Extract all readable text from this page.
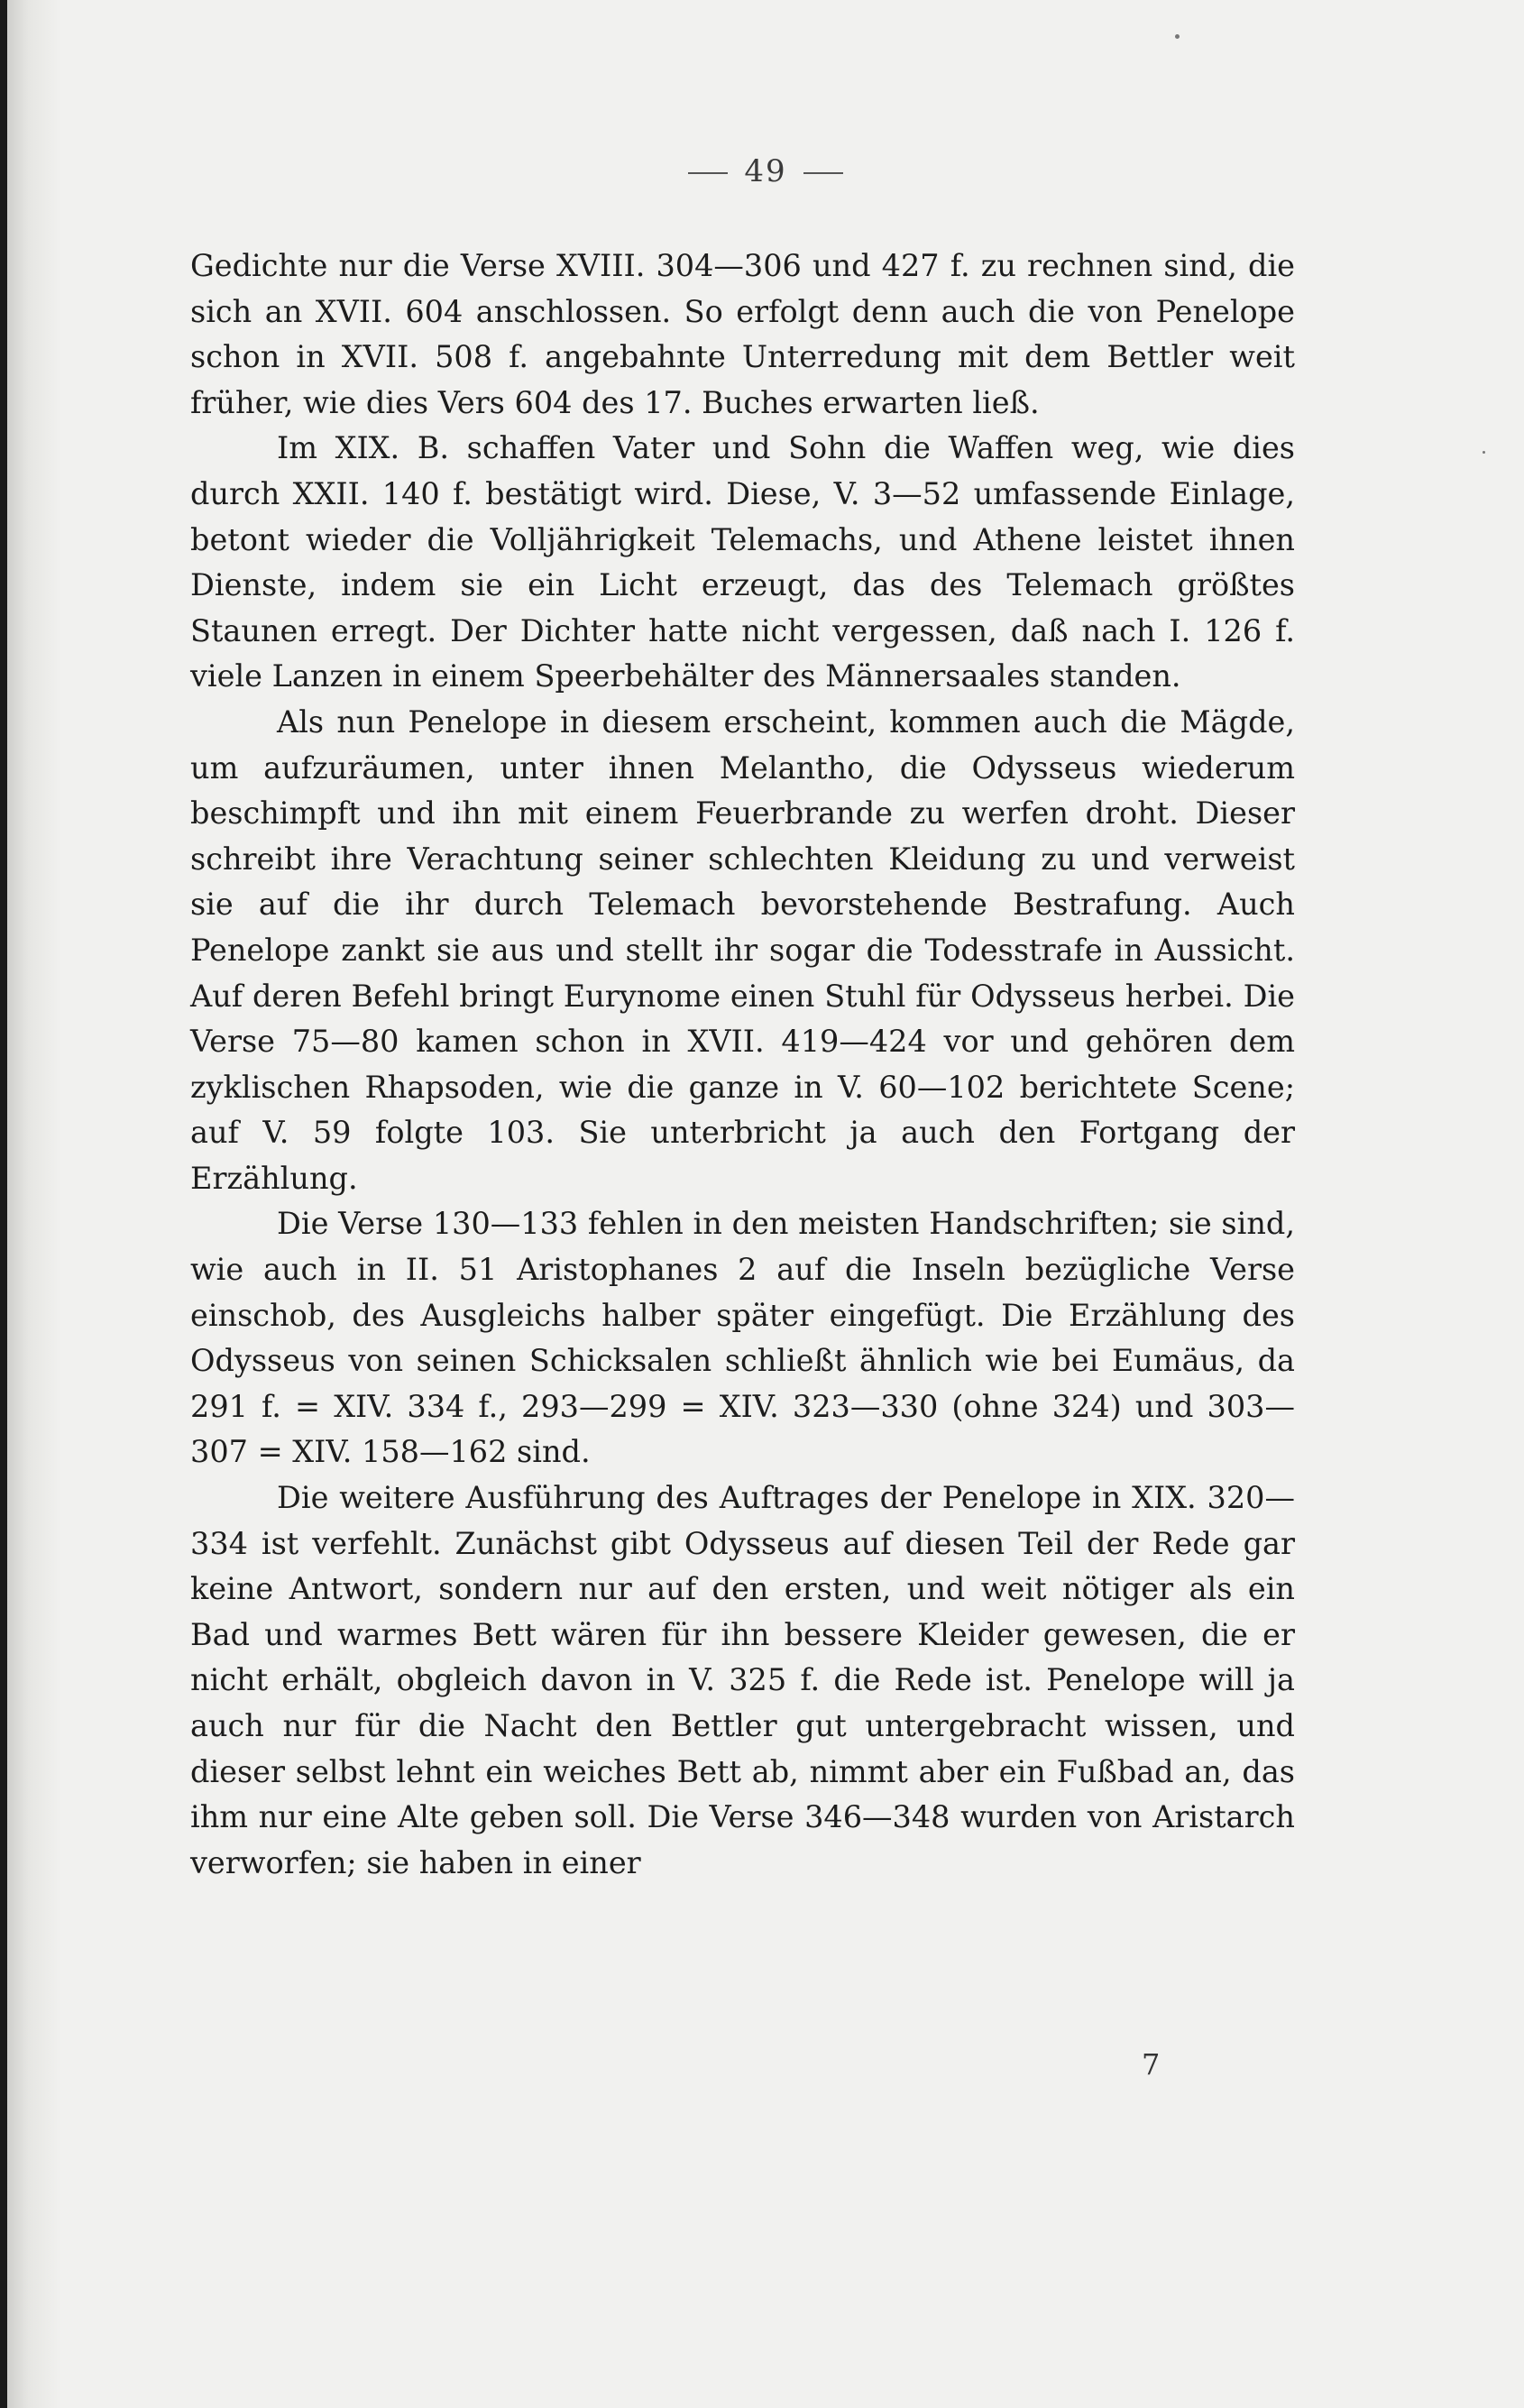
49

Gedichte nur die Verse XVIII. 304—306 und 427 f. zu rechnen sind, die sich an XVII. 604 anschlossen. So erfolgt denn auch die von Penelope schon in XVII. 508 f. angebahnte Unterredung mit dem Bettler weit früher, wie dies Vers 604 des 17. Buches erwarten ließ.

Im XIX. B. schaffen Vater und Sohn die Waffen weg, wie dies durch XXII. 140 f. bestätigt wird. Diese, V. 3—52 umfassende Einlage, betont wieder die Volljährigkeit Telemachs, und Athene leistet ihnen Dienste, indem sie ein Licht erzeugt, das des Telemach größtes Staunen erregt. Der Dichter hatte nicht vergessen, daß nach I. 126 f. viele Lanzen in einem Speerbehälter des Männersaales standen.

Als nun Penelope in diesem erscheint, kommen auch die Mägde, um aufzuräumen, unter ihnen Melantho, die Odysseus wiederum beschimpft und ihn mit einem Feuerbrande zu werfen droht. Dieser schreibt ihre Verachtung seiner schlechten Kleidung zu und verweist sie auf die ihr durch Telemach bevorstehende Bestrafung. Auch Penelope zankt sie aus und stellt ihr sogar die Todesstrafe in Aussicht. Auf deren Befehl bringt Eurynome einen Stuhl für Odysseus herbei. Die Verse 75—80 kamen schon in XVII. 419—424 vor und gehören dem zyklischen Rhapsoden, wie die ganze in V. 60—102 berichtete Scene; auf V. 59 folgte 103. Sie unterbricht ja auch den Fortgang der Erzählung.

Die Verse 130—133 fehlen in den meisten Handschriften; sie sind, wie auch in II. 51 Aristophanes 2 auf die Inseln bezügliche Verse einschob, des Ausgleichs halber später eingefügt. Die Erzählung des Odysseus von seinen Schicksalen schließt ähnlich wie bei Eumäus, da 291 f. = XIV. 334 f., 293—299 = XIV. 323—330 (ohne 324) und 303—307 = XIV. 158—162 sind.

Die weitere Ausführung des Auftrages der Penelope in XIX. 320—334 ist verfehlt. Zunächst gibt Odysseus auf diesen Teil der Rede gar keine Antwort, sondern nur auf den ersten, und weit nötiger als ein Bad und warmes Bett wären für ihn bessere Kleider gewesen, die er nicht erhält, obgleich davon in V. 325 f. die Rede ist. Penelope will ja auch nur für die Nacht den Bettler gut untergebracht wissen, und dieser selbst lehnt ein weiches Bett ab, nimmt aber ein Fußbad an, das ihm nur eine Alte geben soll. Die Verse 346—348 wurden von Aristarch verworfen; sie haben in einer

7
